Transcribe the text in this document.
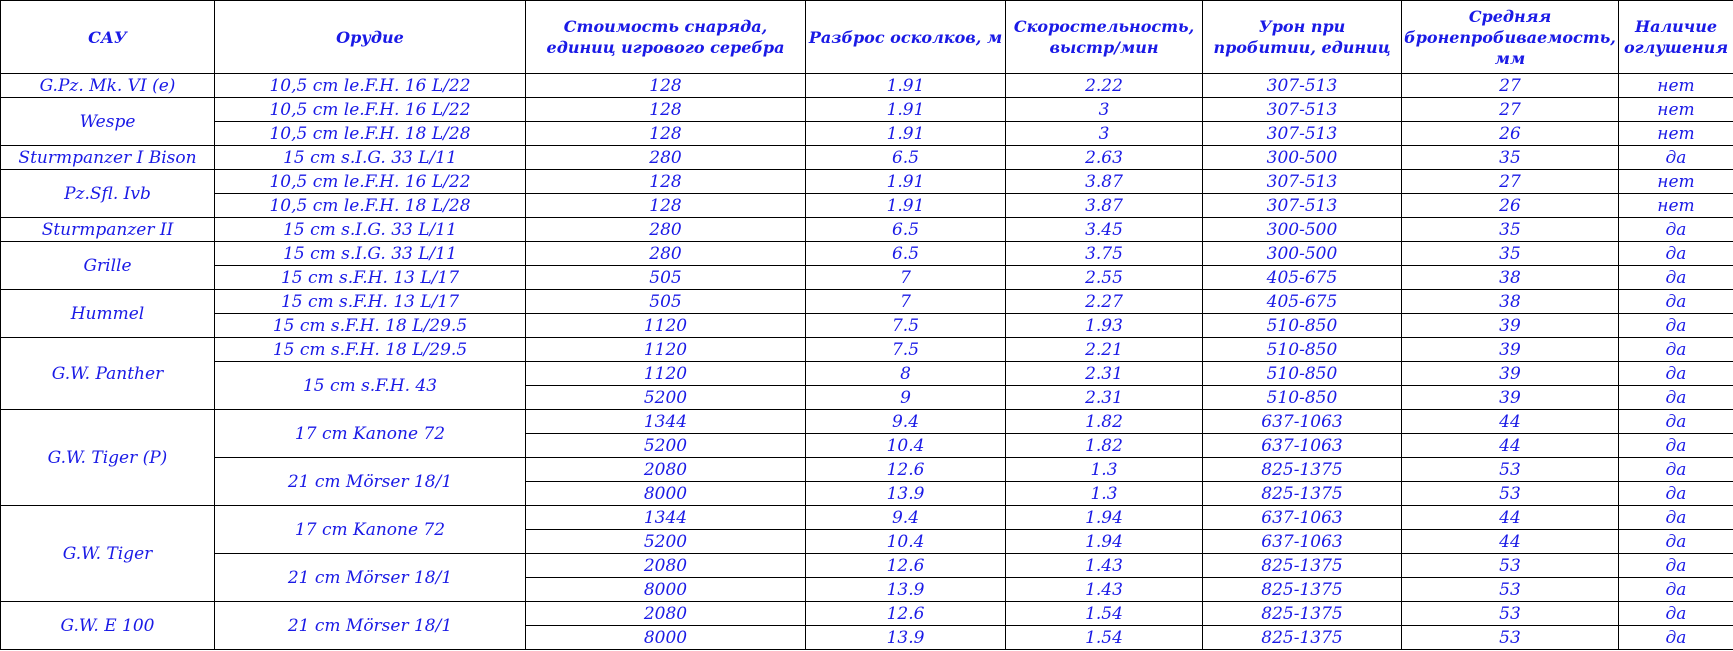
САУ	Орудие	Стоимость снаряда, единиц игрового серебра	Разброс осколков, м	Скоростельность, выстр/мин	Урон при пробитии, единиц	Средняя бронепробиваемость, мм	Наличие оглушения
G.Pz. Mk. VI (e)	10,5 cm le.F.H. 16 L/22	128	1.91	2.22	307-513	27	нет
Wespe	10,5 cm le.F.H. 16 L/22	128	1.91	3	307-513	27	нет
	10,5 cm le.F.H. 18 L/28	128	1.91	3	307-513	26	нет
Sturmpanzer I Bison	15 cm s.I.G. 33 L/11	280	6.5	2.63	300-500	35	да
Pz.Sfl. Ivb	10,5 cm le.F.H. 16 L/22	128	1.91	3.87	307-513	27	нет
	10,5 cm le.F.H. 18 L/28	128	1.91	3.87	307-513	26	нет
Sturmpanzer II	15 cm s.I.G. 33 L/11	280	6.5	3.45	300-500	35	да
Grille	15 cm s.I.G. 33 L/11	280	6.5	3.75	300-500	35	да
	15 cm s.F.H. 13 L/17	505	7	2.55	405-675	38	да
Hummel	15 cm s.F.H. 13 L/17	505	7	2.27	405-675	38	да
	15 cm s.F.H. 18 L/29.5	1120	7.5	1.93	510-850	39	да
G.W. Panther	15 cm s.F.H. 18 L/29.5	1120	7.5	2.21	510-850	39	да
	15 cm s.F.H. 43	1120	8	2.31	510-850	39	да
		5200	9	2.31	510-850	39	да
G.W. Tiger (P)	17 cm Kanone 72	1344	9.4	1.82	637-1063	44	да
		5200	10.4	1.82	637-1063	44	да
	21 cm Mörser 18/1	2080	12.6	1.3	825-1375	53	да
		8000	13.9	1.3	825-1375	53	да
G.W. Tiger	17 cm Kanone 72	1344	9.4	1.94	637-1063	44	да
		5200	10.4	1.94	637-1063	44	да
	21 cm Mörser 18/1	2080	12.6	1.43	825-1375	53	да
		8000	13.9	1.43	825-1375	53	да
G.W. E 100	21 cm Mörser 18/1	2080	12.6	1.54	825-1375	53	да
		8000	13.9	1.54	825-1375	53	да
